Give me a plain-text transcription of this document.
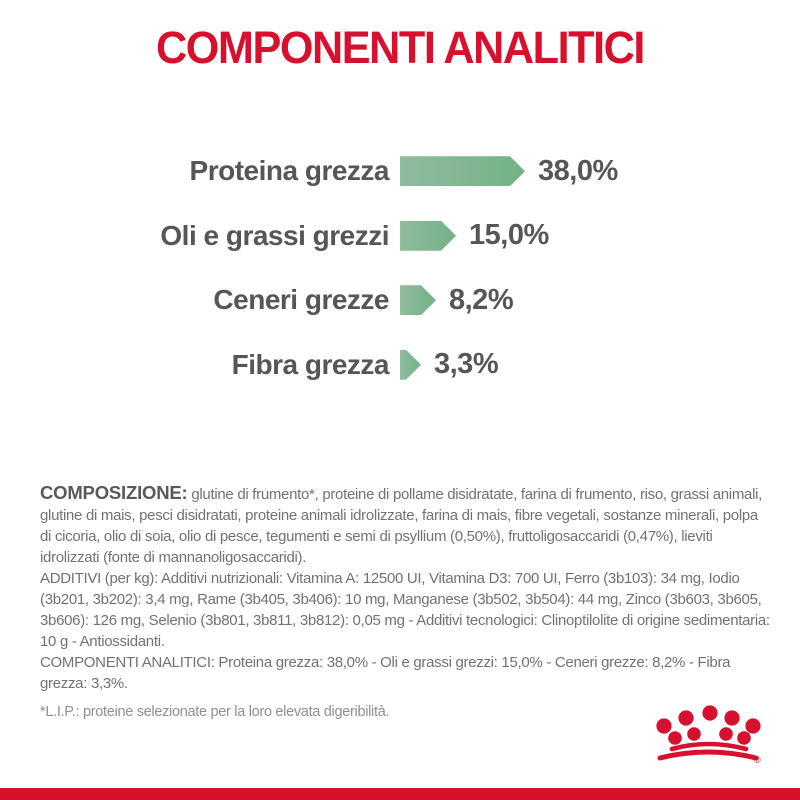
COMPONENTI ANALITICI
Proteina grezza	38,0%
Oli e grassi grezzi	15,0%
Ceneri grezze 8,2%
Fibra grezza 3,3%

COMPOSIZIONE: glutine di frumento*, proteine di pollame disidratate, farina di frumento, riso, grassi animali, glutine di mais, pesci disidratati, proteine animali idrolizzate, farina di mais, fibre vegetali, sostanze minerali, polpa di cicoria, olio di soia, olio di pesce, tegumenti e semi di psyllium (0,50%), fruttoligosaccaridi (0,47%), lieviti idrolizzati (fonte di mannanoligosaccaridi).

ADDITIVI (per kg): Additivi nutrizionali: Vitamina A: 12500 UI, Vitamina D3: 700 UI, Ferro (3b103): 34 mg, Iodio (3b201, 3b202): 3,4 mg, Rame (3b405, 3b406): 10 mg, Manganese (3b502, 3b504): 44 mg, Zinco (3b603, 3b605, 3b606): 126 mg, Selenio (3b801, 3b811, 3b812): 0,05 mg - Additivi tecnologici: Clinoptilolite di origine sedimentaria: 10 g - Antiossidanti.

COMPONENTI ANALITICI: Proteina grezza: 38,0% - Oli e grassi grezzi: 15,0% - Ceneri grezze: 8,2% - Fibra grezza: 3,3%.

*L.I.P.: proteine selezionate per la loro elevata digeribilità.

®
